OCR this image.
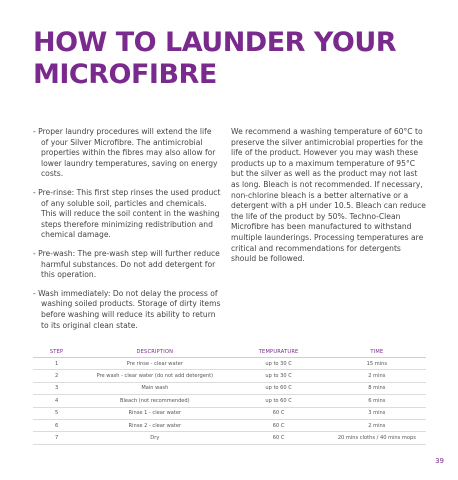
HOW TO LAUNDER YOUR MICROFIBRE

- Proper laundry procedures will extend the life of your Silver Microfibre. The antimicrobial properties within the fibres may also allow for lower laundry temperatures, saving on energy costs.

- Pre-rinse: This first step rinses the used product of any soluble soil, particles and chemicals. This will reduce the soil content in the washing steps therefore minimizing redistribution and chemical damage.

- Pre-wash: The pre-wash step will further reduce harmful substances. Do not add detergent for this operation.

- Wash immediately: Do not delay the process of washing soiled products. Storage of dirty items before washing will reduce its ability to return to its original clean state.

We recommend a washing temperature of 60°C to preserve the silver antimicrobial properties for the life of the product. However you may wash these products up to a maximum temperature of 95°C but the silver as well as the product may not last as long. Bleach is not recommended. If necessary, non-chlorine bleach is a better alternative or a detergent with a pH under 10.5. Bleach can reduce the life of the product by 50%. Techno-Clean Microfibre has been manufactured to withstand multiple launderings. Processing temperatures are critical and recommendations for detergents should be followed.

STEP	DESCRIPTION	TEMPURATURE	TIME
1	Pre rinse - clear water	up to 30 C	15 mins
2	Pre wash - clear water (do not add detergent)	up to 30 C	2 mins
3	Main wash	up to 60 C	8 mins
4	Bleach (not recommended)	up to 60 C	6 mins
5	Rinse 1 - clear water	60 C	3 mins
6	Rinse 2 - clear water	60 C	2 mins
7	Dry	60 C	20 mins cloths / 40 mins mops
39
